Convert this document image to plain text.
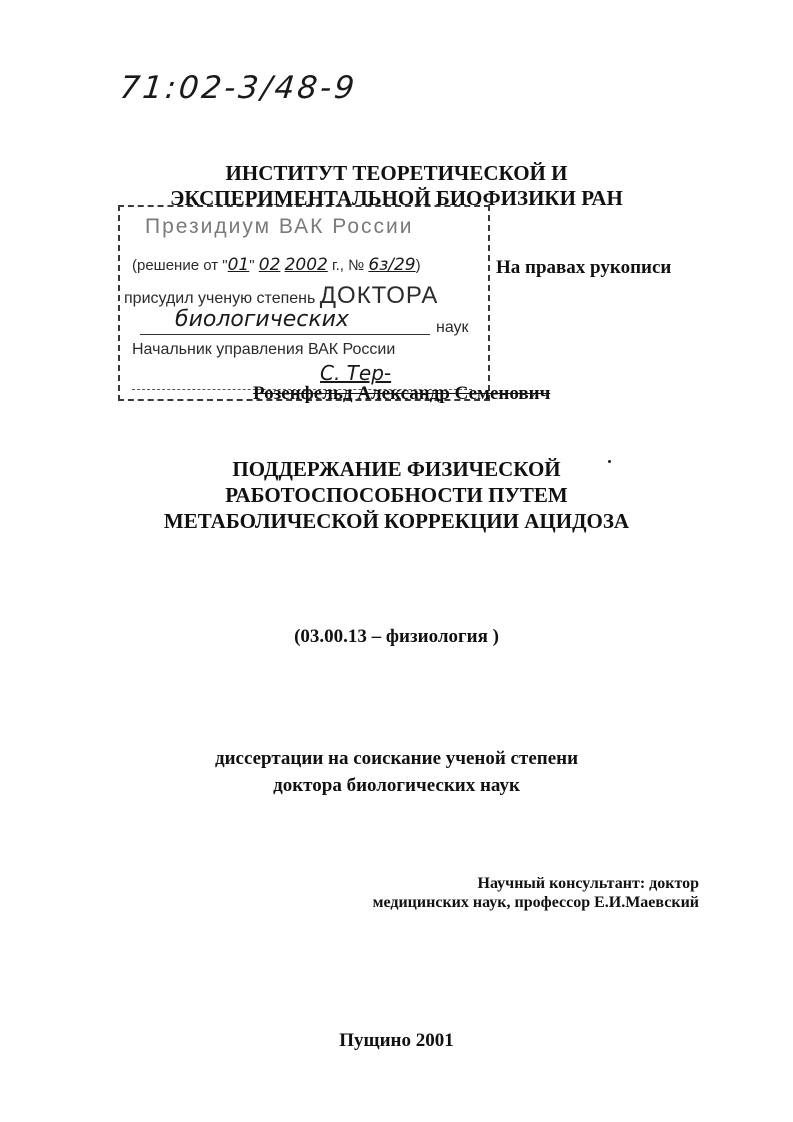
71:02-3/48-9
ИНСТИТУТ ТЕОРЕТИЧЕСКОЙ И
ЭКСПЕРИМЕНТАЛЬНОЙ БИОФИЗИКИ РАН
Президиум ВАК России
(решение от "01" 02 2002 г., № 6з/29)
присудил ученую степень ДОКТОРА
биологических	наук
Начальник управления ВАК России
С. Тер-
На правах рукописи
Розенфельд Александр Семенович
ПОДДЕРЖАНИЕ ФИЗИЧЕСКОЙ
РАБОТОСПОСОБНОСТИ ПУТЕМ
МЕТАБОЛИЧЕСКОЙ КОРРЕКЦИИ АЦИДОЗА
(03.00.13 – физиология )
диссертации на соискание ученой степени
доктора биологических наук
Научный консультант: доктор
медицинских наук, профессор Е.И.Маевский
Пущино 2001
